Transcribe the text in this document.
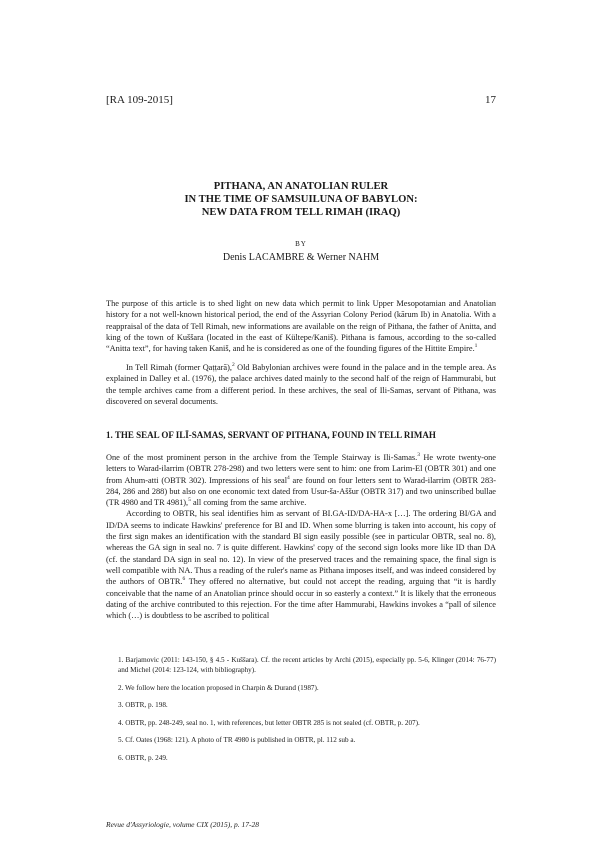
[RA 109-2015]	17
PITHANA, AN ANATOLIAN RULER
IN THE TIME OF SAMSUILUNA OF BABYLON:
NEW DATA FROM TELL RIMAH (IRAQ)
BY
Denis LACAMBRE & Werner NAHM

The purpose of this article is to shed light on new data which permit to link Upper Mesopotamian and Anatolian history for a not well-known historical period, the end of the Assyrian Colony Period (kārum Ib) in Anatolia. With a reappraisal of the data of Tell Rimah, new informations are available on the reign of Pithana, the father of Anitta, and king of the town of Kuššara (located in the east of Kültepe/Kaniš). Pithana is famous, according to the so-called “Anitta text”, for having taken Kaniš, and he is considered as one of the founding figures of the Hittite Empire.$^1$

In Tell Rimah (former Qaṭṭarā),$^2$ Old Babylonian archives were found in the palace and in the temple area. As explained in Dalley et al. (1976), the palace archives dated mainly to the second half of the reign of Hammurabi, but the temple archives came from a different period. In these archives, the seal of Ili-Samas, servant of Pithana, was discovered on several documents.

1. THE SEAL OF ILĪ-SAMAS, SERVANT OF PITHANA, FOUND IN TELL RIMAH

One of the most prominent person in the archive from the Temple Stairway is Ili-Samas.$^3$ He wrote twenty-one letters to Warad-ilarrim (OBTR 278-298) and two letters were sent to him: one from Larim-El (OBTR 301) and one from Ahum-atti (OBTR 302). Impressions of his seal$^4$ are found on four letters sent to Warad-ilarrim (OBTR 283-284, 286 and 288) but also on one economic text dated from Usur-ša-Aššur (OBTR 317) and two uninscribed bullae (TR 4980 and TR 4981),$^5$ all coming from the same archive.

According to OBTR, his seal identifies him as servant of BI.GA-ID/DA-HA-x […]. The ordering BI/GA and ID/DA seems to indicate Hawkins' preference for BI and ID. When some blurring is taken into account, his copy of the first sign makes an identification with the standard BI sign easily possible (see in particular OBTR, seal no. 8), whereas the GA sign in seal no. 7 is quite different. Hawkins' copy of the second sign looks more like ID than DA (cf. the standard DA sign in seal no. 12). In view of the preserved traces and the remaining space, the final sign is well compatible with NA. Thus a reading of the ruler's name as Pithana imposes itself, and was indeed considered by the authors of OBTR.$^6$ They offered no alternative, but could not accept the reading, arguing that “it is hardly conceivable that the name of an Anatolian prince should occur in so easterly a context.” It is likely that the erroneous dating of the archive contributed to this rejection. For the time after Hammurabi, Hawkins invokes a “pall of silence which (…) is doubtless to be ascribed to political

1. Barjamovic (2011: 143-150, § 4.5 - Kuššara). Cf. the recent articles by Archi (2015), especially pp. 5-6, Klinger (2014: 76-77) and Michel (2014: 123-124, with bibliography).
2. We follow here the location proposed in Charpin & Durand (1987).
3. OBTR, p. 198.
4. OBTR, pp. 248-249, seal no. 1, with references, but letter OBTR 285 is not sealed (cf. OBTR, p. 207).
5. Cf. Oates (1968: 121). A photo of TR 4980 is published in OBTR, pl. 112 sub a.
6. OBTR, p. 249.
Revue d'Assyriologie, volume CIX (2015), p. 17-28
